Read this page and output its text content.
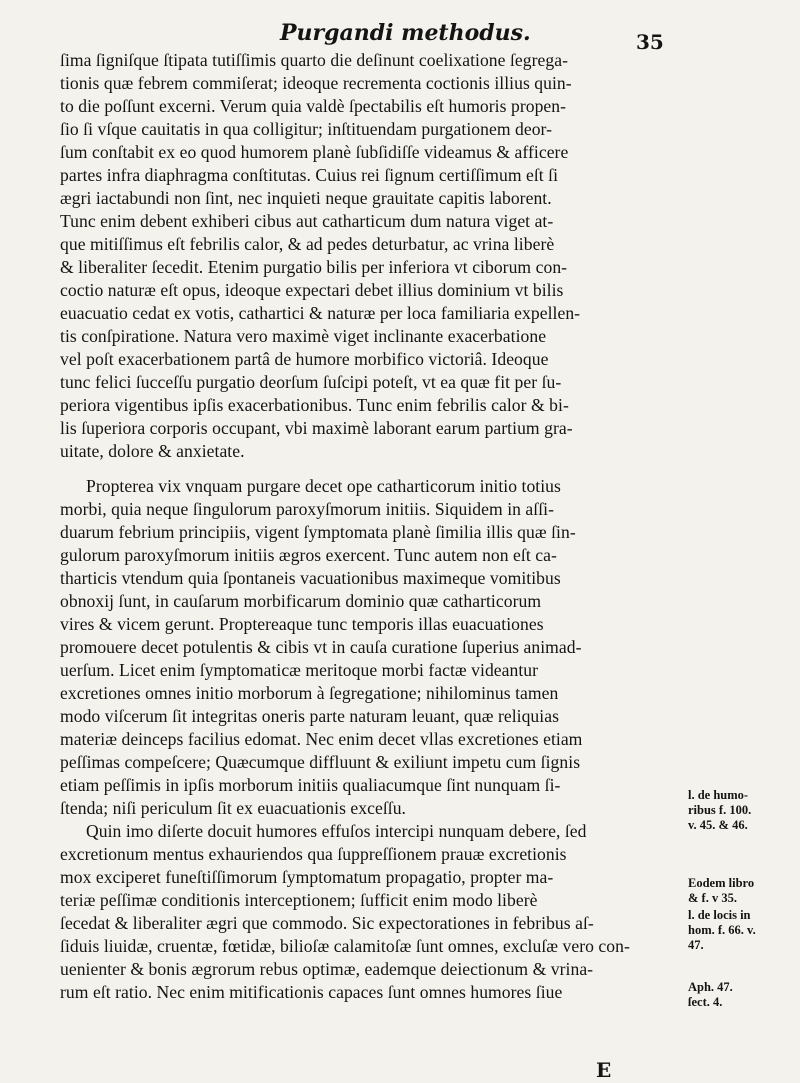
Purgandi methodus.	35
ſima ſigniſque ſtipata tutiſſimis quarto die deſinunt coelixatione ſegrega-
tionis quæ febrem commiſerat; ideoque recrementa coctionis illius quin-
to die poſſunt excerni. Verum quia valdè ſpectabilis eſt humoris propen-
ſio ſi vſque cauitatis in qua colligitur; inſtituendam purgationem deor-
ſum conſtabit ex eo quod humorem planè ſubſidiſſe videamus & afficere
partes infra diaphragma conſtitutas. Cuius rei ſignum certiſſimum eſt ſi
ægri iactabundi non ſint, nec inquieti neque grauitate capitis laborent.
Tunc enim debent exhiberi cibus aut catharticum dum natura viget at-
que mitiſſimus eſt febrilis calor, & ad pedes deturbatur, ac vrina liberè
& liberaliter ſecedit. Etenim purgatio bilis per inferiora vt ciborum con-
coctio naturæ eſt opus, ideoque expectari debet illius dominium vt bilis
euacuatio cedat ex votis, cathartici & naturæ per loca familiaria expellen-
tis conſpiratione. Natura vero maximè viget inclinante exacerbatione
vel poſt exacerbationem partâ de humore morbifico victoriâ. Ideoque
tunc felici ſucceſſu purgatio deorſum ſuſcipi poteſt, vt ea quæ fit per ſu-
periora vigentibus ipſis exacerbationibus. Tunc enim febrilis calor & bi-
lis ſuperiora corporis occupant, vbi maximè laborant earum partium gra-
uitate, dolore & anxietate.
Propterea vix vnquam purgare decet ope catharticorum initio totius
morbi, quia neque ſingulorum paroxyſmorum initiis. Siquidem in aſſi-
duarum febrium principiis, vigent ſymptomata planè ſimilia illis quæ ſin-
gulorum paroxyſmorum initiis ægros exercent. Tunc autem non eſt ca-
tharticis vtendum quia ſpontaneis vacuationibus maximeque vomitibus
obnoxij ſunt, in cauſarum morbificarum dominio quæ catharticorum
vires & vicem gerunt. Proptereaque tunc temporis illas euacuationes
promouere decet potulentis & cibis vt in cauſa curatione ſuperius animad-
uerſum. Licet enim ſymptomaticæ meritoque morbi factæ videantur
excretiones omnes initio morborum à ſegregatione; nihilominus tamen
modo viſcerum ſit integritas oneris parte naturam leuant, quæ reliquias
materiæ deinceps facilius edomat. Nec enim decet vllas excretiones etiam
peſſimas compeſcere; Quæcumque diffluunt & exiliunt impetu cum ſignis
etiam peſſimis in ipſis morborum initiis qualiacumque ſint nunquam ſi-
ſtenda; niſi periculum ſit ex euacuationis exceſſu.
Quin imo diſerte docuit humores effuſos intercipi nunquam debere, ſed
excretionum mentus exhauriendos qua ſuppreſſionem prauæ excretionis
mox exciperet funeſtiſſimorum ſymptomatum propagatio, propter ma-
teriæ peſſimæ conditionis interceptionem; ſufficit enim modo liberè
ſecedat & liberaliter ægri que commodo. Sic expectorationes in febribus aſ-
ſiduis liuidæ, cruentæ, fœtidæ, bilioſæ calamitoſæ ſunt omnes, excluſæ vero con-
uenienter & bonis ægrorum rebus optimæ, eademque deiectionum & vrina-
rum eſt ratio. Nec enim mitificationis capaces ſunt omnes humores ſiue
l. de humo-
ribus f. 100.
v. 45. & 46.
Eodem libro
& f. v 35.
l. de locis in
hom. f. 66. v.
47.
Aph. 47.
ſect. 4.
E
